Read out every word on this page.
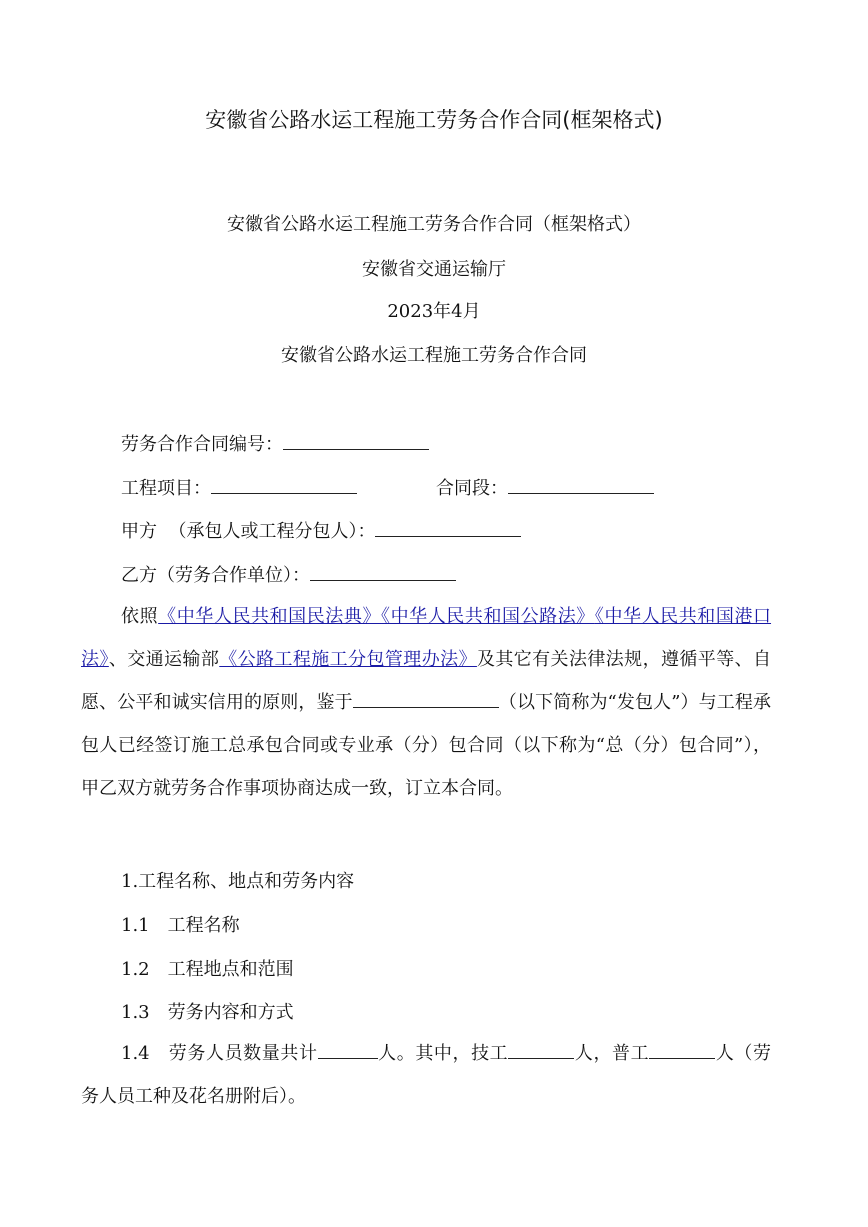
安徽省公路水运工程施工劳务合作合同(框架格式)
安徽省公路水运工程施工劳务合作合同（框架格式）
安徽省交通运输厅
2023年4月
安徽省公路水运工程施工劳务合作合同
劳务合作合同编号：
工程项目：	合同段：
甲方  （承包人或工程分包人）：
乙方（劳务合作单位）：
依照《中华人民共和国民法典》《中华人民共和国公路法》《中华人民共和国港口法》、交通运输部《公路工程施工分包管理办法》及其它有关法律法规，遵循平等、自愿、公平和诚实信用的原则，鉴于	（以下简称为“发包人”）与工程承包人已经签订施工总承包合同或专业承（分）包合同（以下称为“总（分）包合同”），甲乙双方就劳务合作事项协商达成一致，订立本合同。
1.工程名称、地点和劳务内容
1.1　工程名称
1.2　工程地点和范围
1.3　劳务内容和方式
1.4　劳务人员数量共计	人。其中，技工	人，普工	人（劳务人员工种及花名册附后）。
